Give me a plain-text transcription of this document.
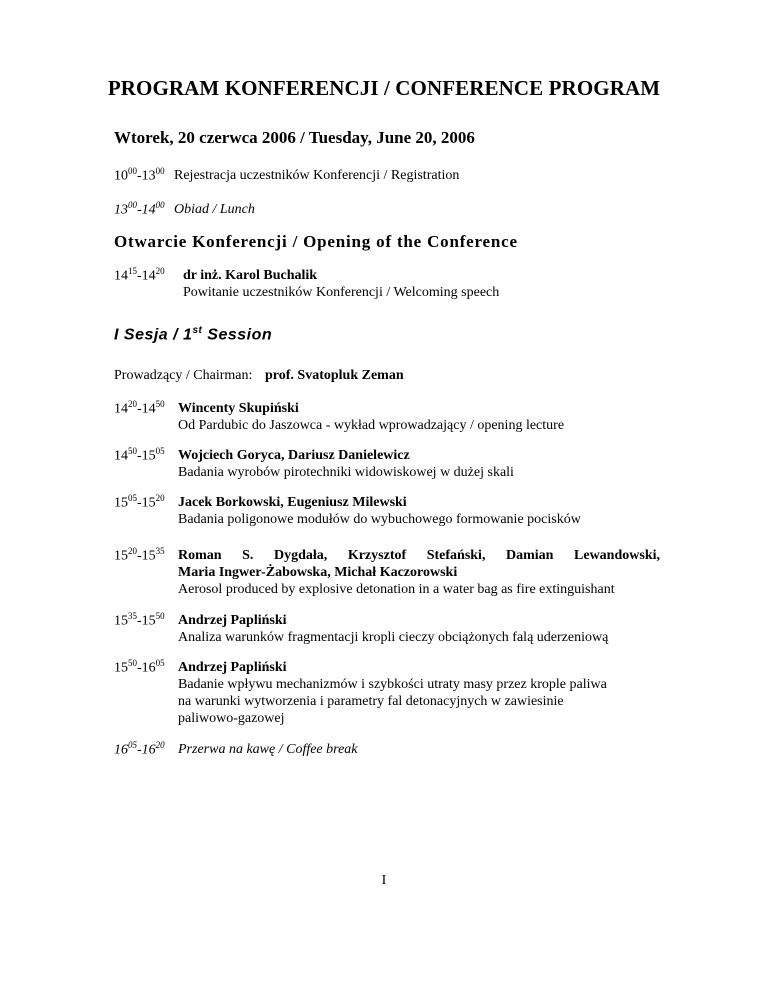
PROGRAM KONFERENCJI / CONFERENCE PROGRAM
Wtorek, 20 czerwca 2006 / Tuesday, June 20, 2006
$10^{00}-13^{00}$ Rejestracja uczestników Konferencji / Registration
$13^{00}-14^{00}$ Obiad / Lunch
Otwarcie Konferencji / Opening of the Conference
$14^{15}-14^{20}$ dr inż. Karol Buchalik
Powitanie uczestników Konferencji / Welcoming speech
I Sesja / 1st Session
Prowadzący / Chairman: prof. Svatopluk Zeman
$14^{20}-14^{50}$ Wincenty Skupiński
Od Pardubic do Jaszowca - wykład wprowadzający / opening lecture
$14^{50}-15^{05}$ Wojciech Goryca, Dariusz Danielewicz
Badania wyrobów pirotechniki widowiskowej w dużej skali
$15^{05}-15^{20}$ Jacek Borkowski, Eugeniusz Milewski
Badania poligonowe modułów do wybuchowego formowanie pocisków
$15^{20}-15^{35}$ Roman S. Dygdała, Krzysztof Stefański, Damian Lewandowski,
Maria Ingwer-Żabowska, Michał Kaczorowski
Aerosol produced by explosive detonation in a water bag as fire extinguishant
$15^{35}-15^{50}$ Andrzej Papliński
Analiza warunków fragmentacji kropli cieczy obciążonych falą uderzeniową
$15^{50}-16^{05}$ Andrzej Papliński
Badanie wpływu mechanizmów i szybkości utraty masy przez krople paliwa
na warunki wytworzenia i parametry fal detonacyjnych w zawiesinie
paliwowo-gazowej
$16^{05}-16^{20}$ Przerwa na kawę / Coffee break
I
